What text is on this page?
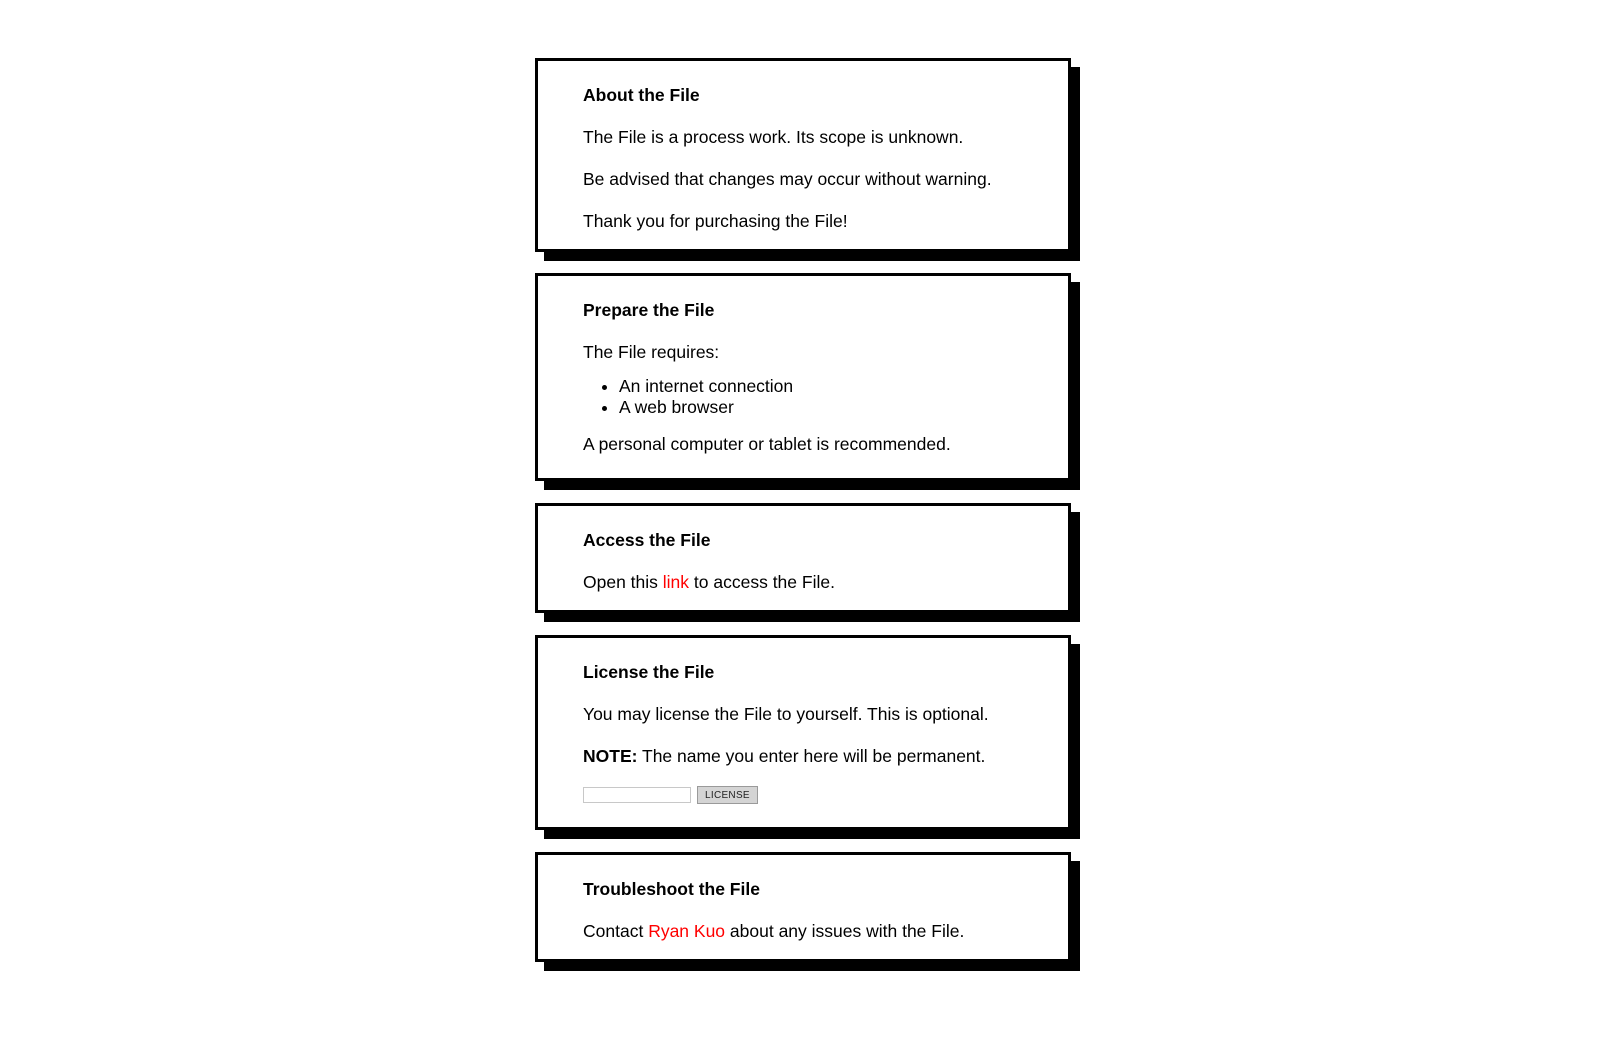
About the File

The File is a process work. Its scope is unknown.

Be advised that changes may occur without warning.

Thank you for purchasing the File!

Prepare the File

The File requires:

• An internet connection
• A web browser

A personal computer or tablet is recommended.

Access the File

Open this link to access the File.

License the File

You may license the File to yourself. This is optional.

NOTE: The name you enter here will be permanent.

LICENSE
Troubleshoot the File

Contact Ryan Kuo about any issues with the File.
